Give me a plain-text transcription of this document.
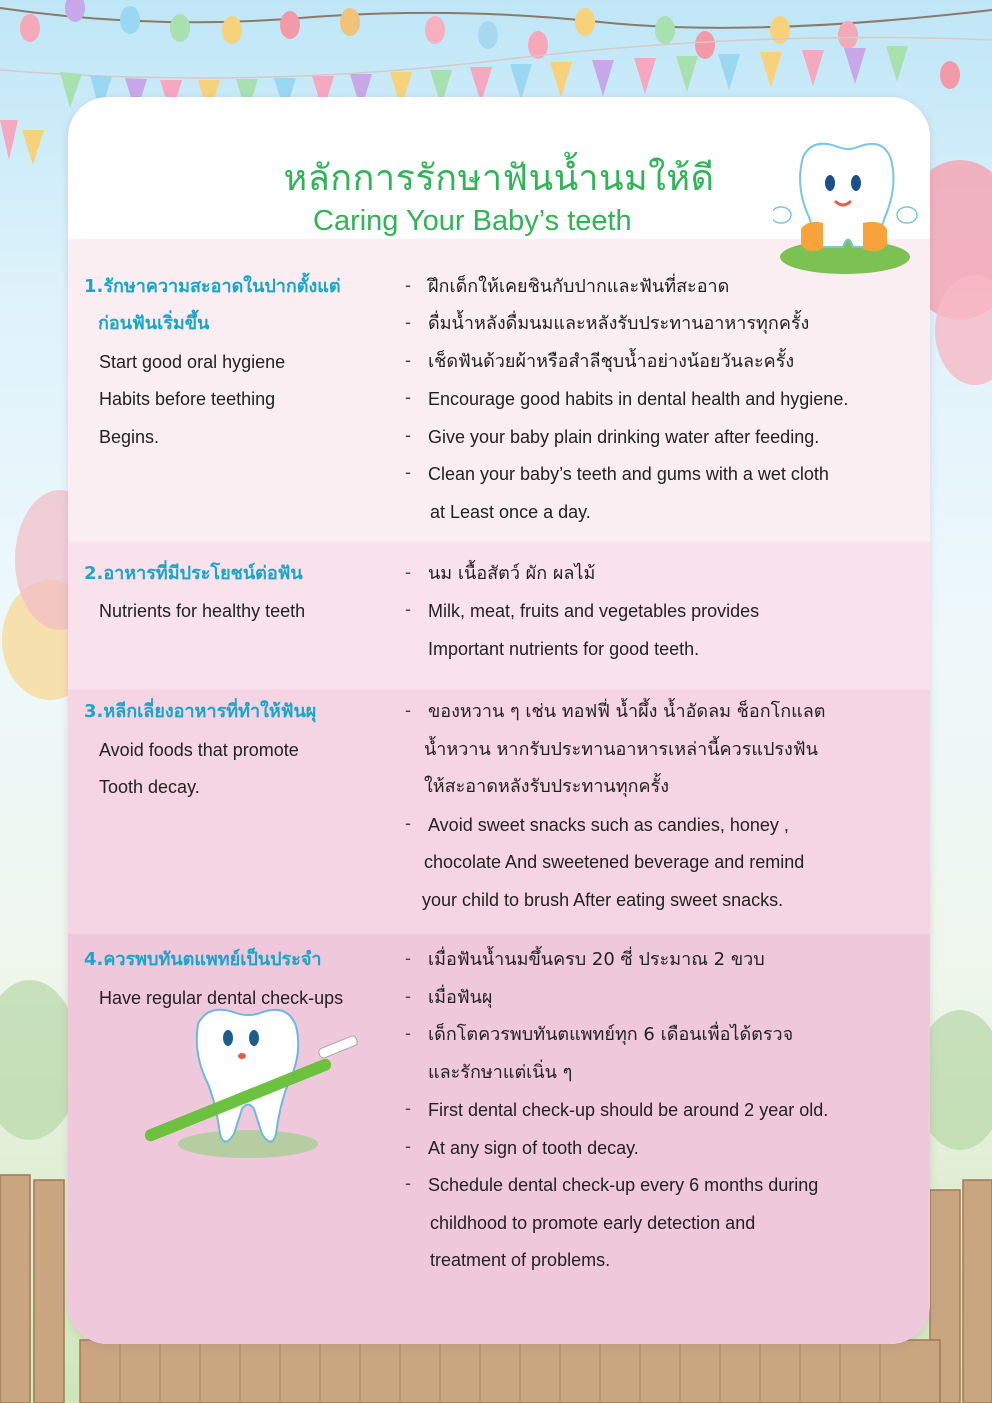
หลักการรักษาฟันน้ำนมให้ดี
Caring Your Baby’s teeth
1.รักษาความสะอาดในปากตั้งแต่
ก่อนฟันเริ่มขึ้น
Start good oral hygiene
Habits before teething
Begins.
- ฝึกเด็กให้เคยชินกับปากและฟันที่สะอาด
- ดื่มน้ำหลังดื่มนมและหลังรับประทานอาหารทุกครั้ง
- เช็ดฟันด้วยผ้าหรือสำลีชุบน้ำอย่างน้อยวันละครั้ง
- Encourage good habits in dental health and hygiene.
- Give your baby plain drinking water after feeding.
- Clean your baby’s teeth and gums with a wet cloth
at Least once a day.
2.อาหารที่มีประโยชน์ต่อฟัน
Nutrients for healthy teeth
- นม เนื้อสัตว์ ผัก ผลไม้
- Milk, meat, fruits and vegetables provides
Important nutrients for good teeth.
3.หลีกเลี่ยงอาหารที่ทำให้ฟันผุ
Avoid foods that promote
Tooth decay.
- ของหวาน ๆ เช่น ทอฟฟี่ น้ำผึ้ง น้ำอัดลม ช็อกโกแลต
น้ำหวาน หากรับประทานอาหารเหล่านี้ควรแปรงฟัน
ให้สะอาดหลังรับประทานทุกครั้ง
- Avoid sweet snacks such as candies, honey ,
chocolate And sweetened beverage and remind
your child to brush After eating sweet snacks.
4.ควรพบทันตแพทย์เป็นประจำ
Have regular dental check-ups
- เมื่อฟันน้ำนมขึ้นครบ 20 ซี่ ประมาณ 2 ขวบ
- เมื่อฟันผุ
- เด็กโตควรพบทันตแพทย์ทุก 6 เดือนเพื่อได้ตรวจ
และรักษาแต่เนิ่น ๆ
- First dental check-up should be around 2 year old.
- At any sign of tooth decay.
- Schedule dental check-up every 6 months during
childhood to promote early detection and
treatment of problems.
